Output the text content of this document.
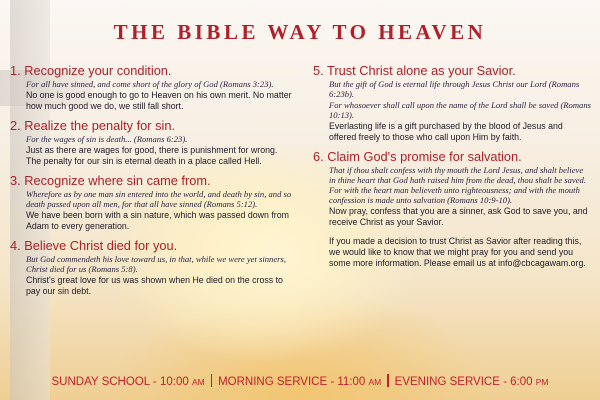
THE BIBLE WAY TO HEAVEN

1. Recognize your condition.

For all have sinned, and come short of the glory of God (Romans 3:23).

No one is good enough to go to Heaven on his own merit. No matter how much good we do, we still fall short.

2. Realize the penalty for sin.

For the wages of sin is death... (Romans 6:23).

Just as there are wages for good, there is punishment for wrong. The penalty for our sin is eternal death in a place called Hell.

3. Recognize where sin came from.

Wherefore as by one man sin entered into the world, and death by sin, and so death passed upon all men, for that all have sinned (Romans 5:12).

We have been born with a sin nature, which was passed down from Adam to every generation.

4. Believe Christ died for you.

But God commendeth his love toward us, in that, while we were yet sinners, Christ died for us (Romans 5:8).

Christ's great love for us was shown when He died on the cross to pay our sin debt.

5. Trust Christ alone as your Savior.

But the gift of God is eternal life through Jesus Christ our Lord (Romans 6:23b).

For whosoever shall call upon the name of the Lord shall be saved (Romans 10:13).

Everlasting life is a gift purchased by the blood of Jesus and offered freely to those who call upon Him by faith.

6. Claim God's promise for salvation.

That if thou shalt confess with thy mouth the Lord Jesus, and shalt believe in thine heart that God hath raised him from the dead, thou shalt be saved. For with the heart man believeth unto righteousness; and with the mouth confession is made unto salvation (Romans 10:9-10).

Now pray, confess that you are a sinner, ask God to save you, and receive Christ as your Savior.

If you made a decision to trust Christ as Savior after reading this, we would like to know that we might pray for you and send you some more information. Please email us at info@cbcagawam.org.

SUNDAY SCHOOL - 10:00 AM MORNING SERVICE - 11:00 AM EVENING SERVICE - 6:00 PM
